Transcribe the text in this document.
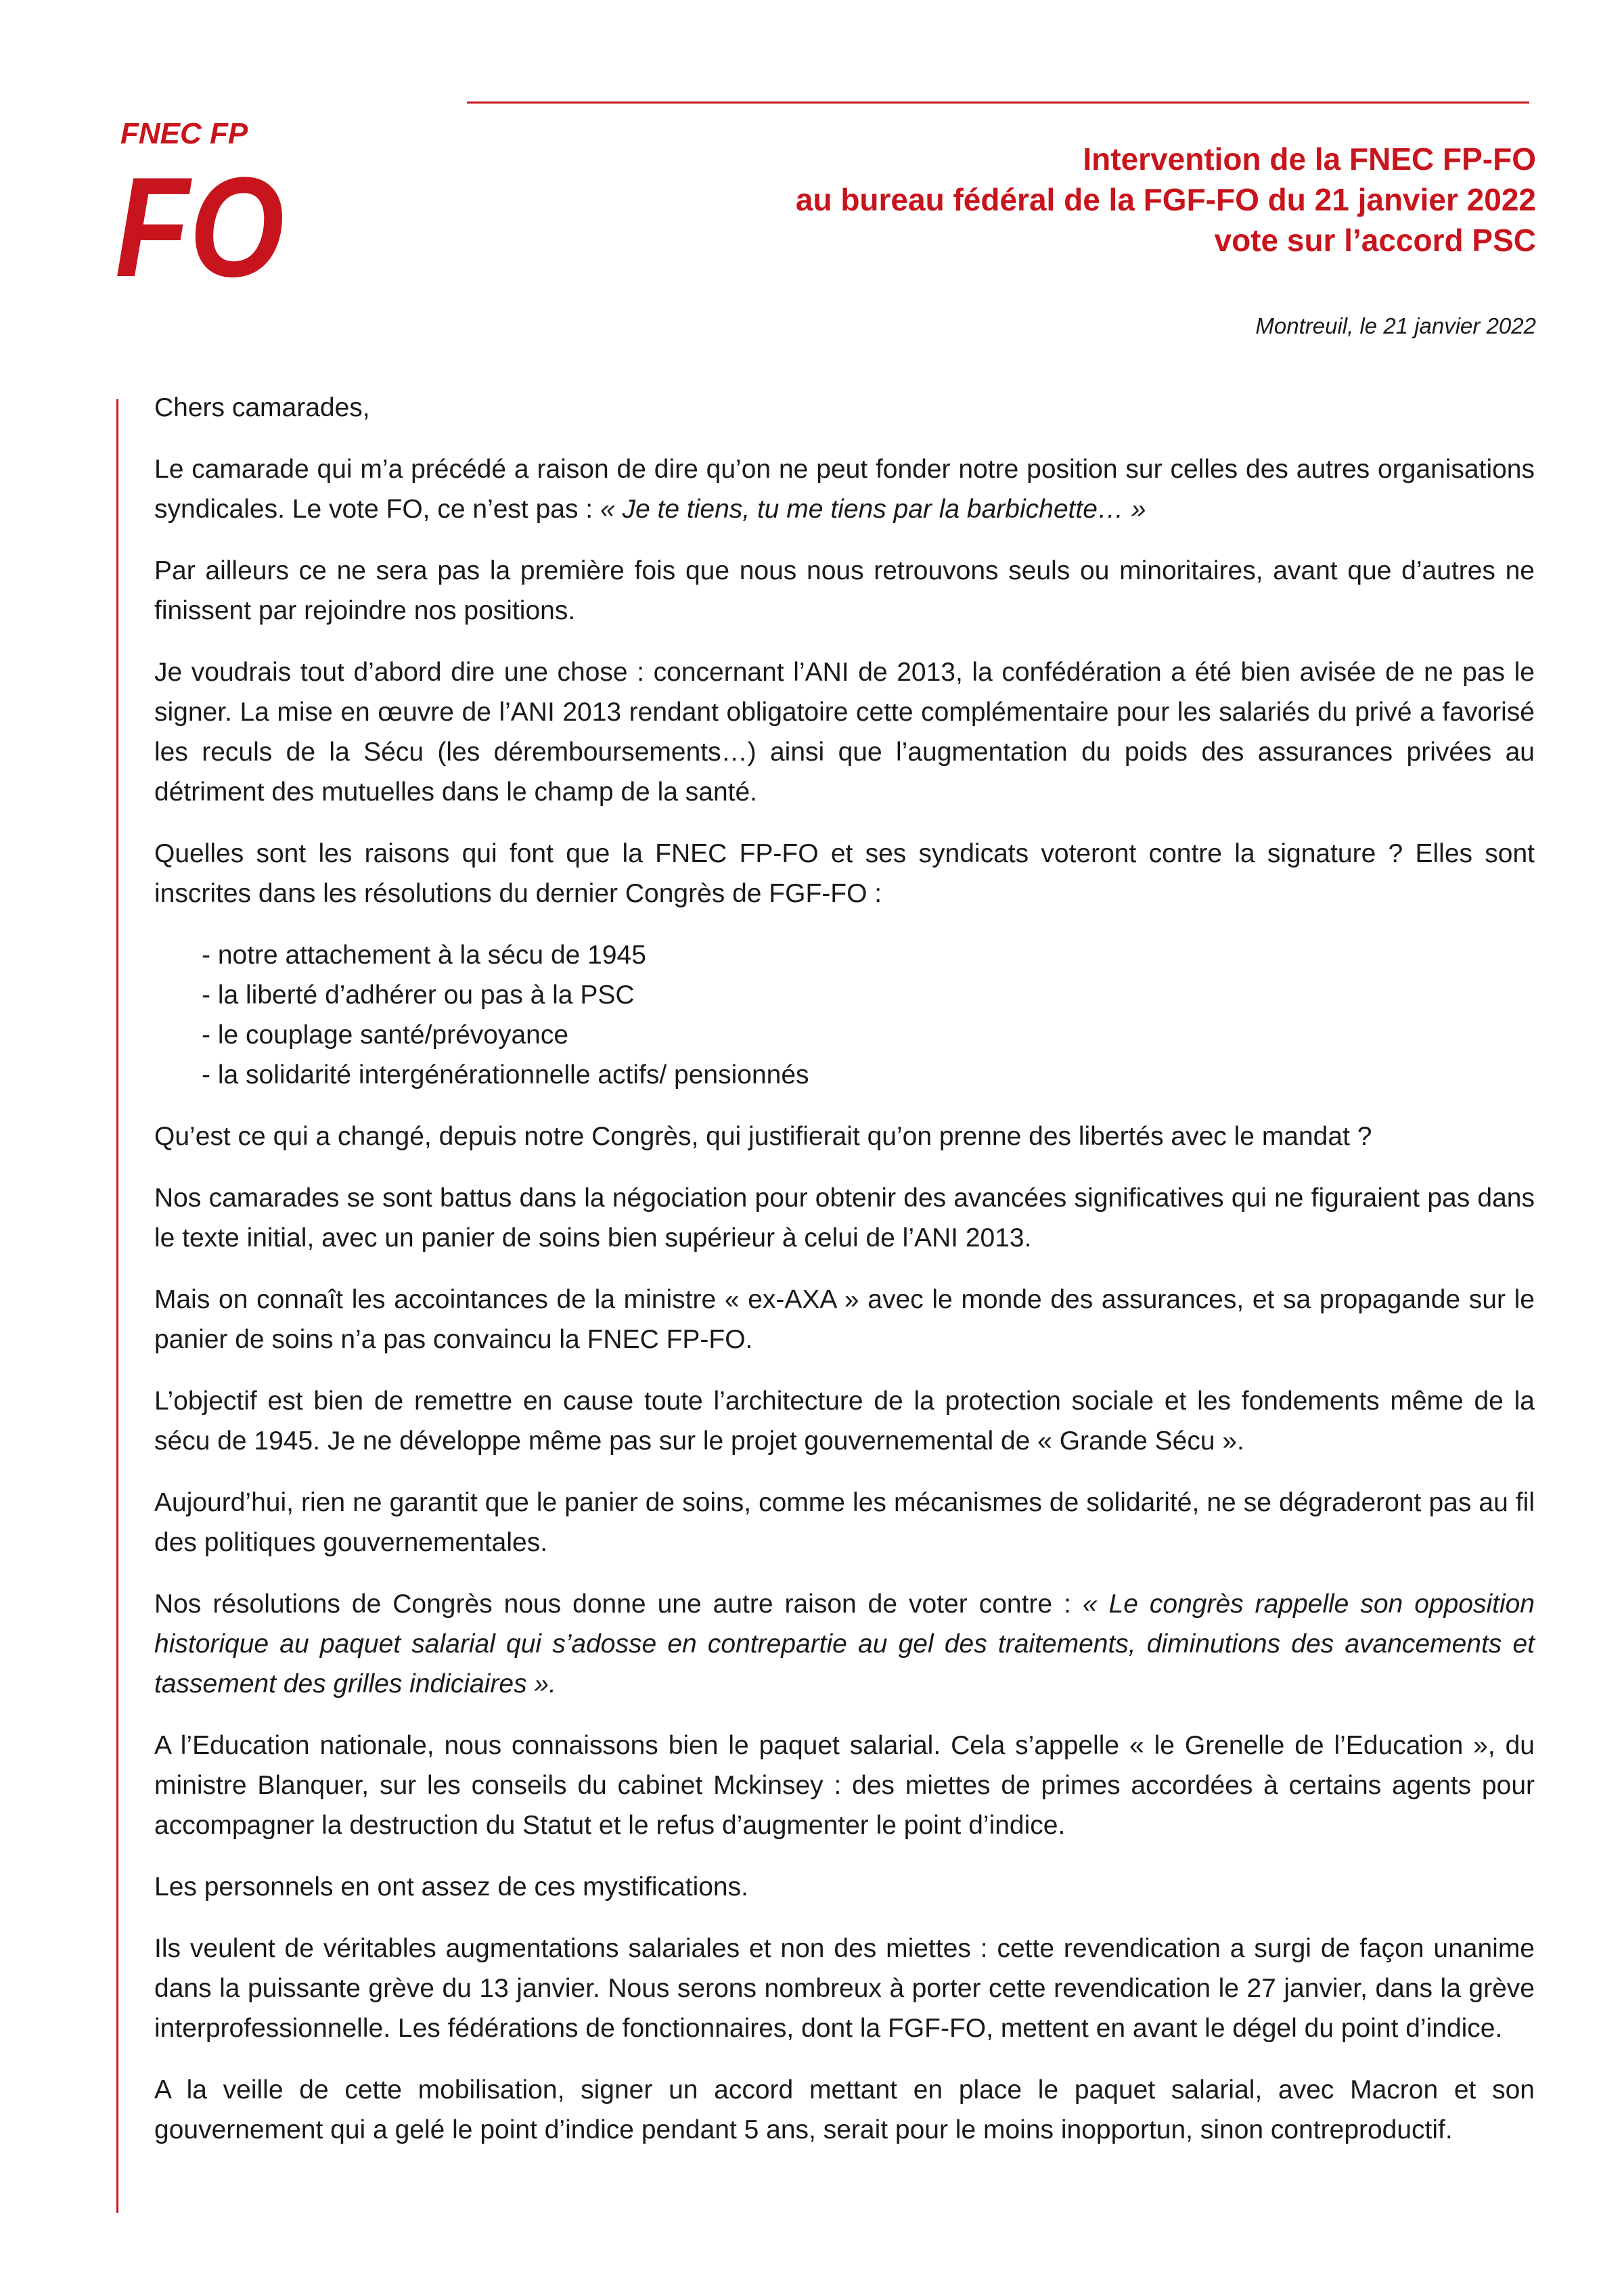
FNEC FP
FO	Intervention de la FNEC FP-FO
au bureau fédéral de la FGF-FO du 21 janvier 2022
vote sur l’accord PSC
Montreuil, le 21 janvier 2022

Chers camarades,

Le camarade qui m’a précédé a raison de dire qu’on ne peut fonder notre position sur celles des autres organisations syndicales. Le vote FO, ce n’est pas : « Je te tiens, tu me tiens par la barbichette… »

Par ailleurs ce ne sera pas la première fois que nous nous retrouvons seuls ou minoritaires, avant que d’autres ne finissent par rejoindre nos positions.

Je voudrais tout d’abord dire une chose : concernant l’ANI de 2013, la confédération a été bien avisée de ne pas le signer. La mise en œuvre de l’ANI 2013 rendant obligatoire cette complémentaire pour les salariés du privé a favorisé les reculs de la Sécu (les déremboursements…) ainsi que l’augmentation du poids des assurances privées au détriment des mutuelles dans le champ de la santé.

Quelles sont les raisons qui font que la FNEC FP-FO et ses syndicats voteront contre la signature ? Elles sont inscrites dans les résolutions du dernier Congrès de FGF-FO :

- notre attachement à la sécu de 1945
- la liberté d’adhérer ou pas à la PSC
- le couplage santé/prévoyance
- la solidarité intergénérationnelle actifs/ pensionnés

Qu’est ce qui a changé, depuis notre Congrès, qui justifierait qu’on prenne des libertés avec le mandat ?

Nos camarades se sont battus dans la négociation pour obtenir des avancées significatives qui ne figuraient pas dans le texte initial, avec un panier de soins bien supérieur à celui de l’ANI 2013.

Mais on connaît les accointances de la ministre « ex-AXA » avec le monde des assurances, et sa propagande sur le panier de soins n’a pas convaincu la FNEC FP-FO.

L’objectif est bien de remettre en cause toute l’architecture de la protection sociale et les fondements même de la sécu de 1945. Je ne développe même pas sur le projet gouvernemental de « Grande Sécu ».

Aujourd’hui, rien ne garantit que le panier de soins, comme les mécanismes de solidarité, ne se dégraderont pas au fil des politiques gouvernementales.

Nos résolutions de Congrès nous donne une autre raison de voter contre : « Le congrès rappelle son opposition historique au paquet salarial qui s’adosse en contrepartie au gel des traitements, diminutions des avancements et tassement des grilles indiciaires ».

A l’Education nationale, nous connaissons bien le paquet salarial. Cela s’appelle « le Grenelle de l’Education », du ministre Blanquer, sur les conseils du cabinet Mckinsey : des miettes de primes accordées à certains agents pour accompagner la destruction du Statut et le refus d’augmenter le point d’indice.

Les personnels en ont assez de ces mystifications.

Ils veulent de véritables augmentations salariales et non des miettes : cette revendication a surgi de façon unanime dans la puissante grève du 13 janvier. Nous serons nombreux à porter cette revendication le 27 janvier, dans la grève interprofessionnelle. Les fédérations de fonctionnaires, dont la FGF-FO, mettent en avant le dégel du point d’indice.

A la veille de cette mobilisation, signer un accord mettant en place le paquet salarial, avec Macron et son gouvernement qui a gelé le point d’indice pendant 5 ans, serait pour le moins inopportun, sinon contreproductif.
